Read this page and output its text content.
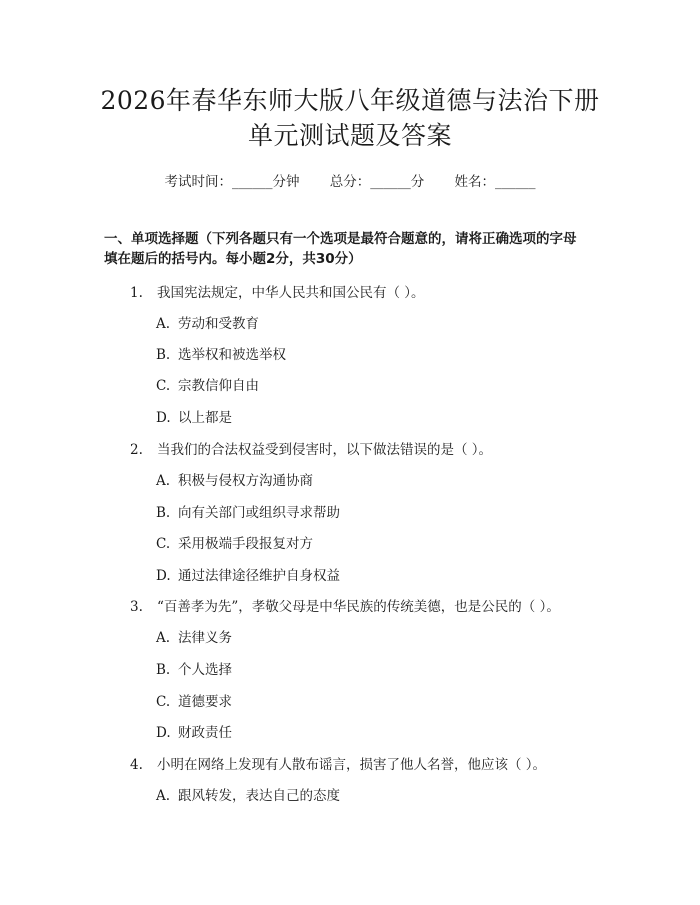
2026年春华东师大版八年级道德与法治下册
单元测试题及答案
考试时间：______分钟 总分：______分 姓名：______
一、单项选择题（下列各题只有一个选项是最符合题意的，请将正确选项的字母
填在题后的括号内。每小题2分，共30分）
1. 我国宪法规定，中华人民共和国公民有（ ）。
A. 劳动和受教育
B. 选举权和被选举权
C. 宗教信仰自由
D. 以上都是
2. 当我们的合法权益受到侵害时，以下做法错误的是（ ）。
A. 积极与侵权方沟通协商
B. 向有关部门或组织寻求帮助
C. 采用极端手段报复对方
D. 通过法律途径维护自身权益
3. “百善孝为先”，孝敬父母是中华民族的传统美德，也是公民的（ ）。
A. 法律义务
B. 个人选择
C. 道德要求
D. 财政责任
4. 小明在网络上发现有人散布谣言，损害了他人名誉，他应该（ ）。
A. 跟风转发，表达自己的态度
